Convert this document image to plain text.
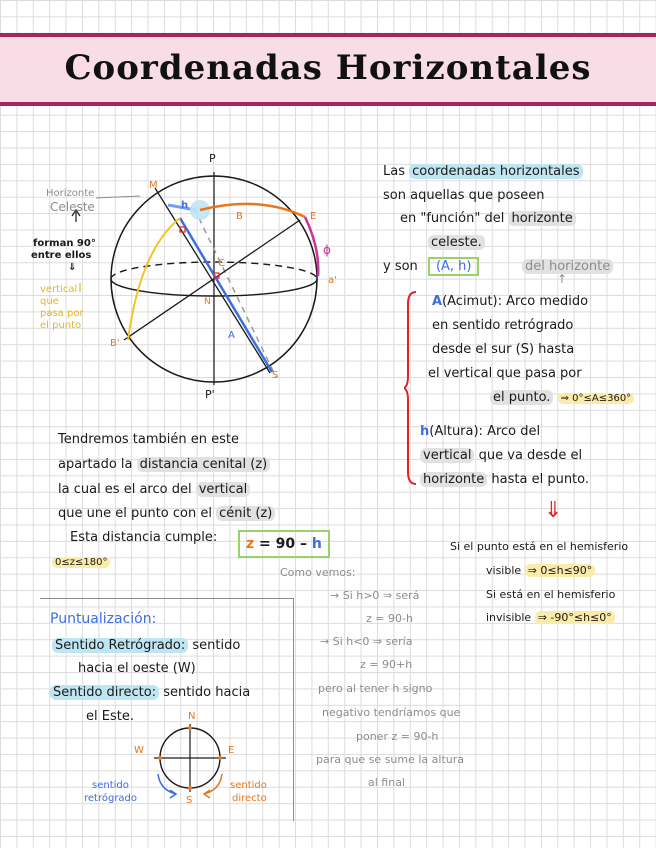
Coordenadas Horizontales
P
P'
M
h
B	E
ϕ
a'
C
N
A
S
B'
Horizonte
Celeste
forman 90°
entre ellos
⇓
vertical
que
pasa por
el punto
Las coordenadas horizontales
son aquellas que poseen
en "función" del horizonte
celeste.
y son (A, h)	del horizonte
↑
A(Acimut): Arco medido
en sentido retrógrado
desde el sur (S) hasta
el vertical que pasa por
el punto. ⇒ 0°≤A≤360°
h(Altura): Arco del
vertical que va desde el
horizonte hasta el punto.
⇓
Si el punto está en el hemisferio
visible ⇒ 0≤h≤90°
Si está en el hemisferio
invisible ⇒ -90°≤h≤0°
Tendremos también en este
apartado la distancia cenital (z)
la cual es el arco del vertical
que une el punto con el cénit (z)
Esta distancia cumple:	z = 90 – h
0≤z≤180°
Como vemos:
→ Si h>0 ⇒ será
z = 90-h
→ Si h<0 ⇒ sería
z = 90+h
pero al tener h signo
negativo tendríamos que
poner z = 90-h
para que se sume la altura
al final
Puntualización:
Sentido Retrógrado: sentido
hacia el oeste (W)
Sentido directo: sentido hacia
el Este.	N
S
E
W
sentido
retrógrado
sentido
directo
